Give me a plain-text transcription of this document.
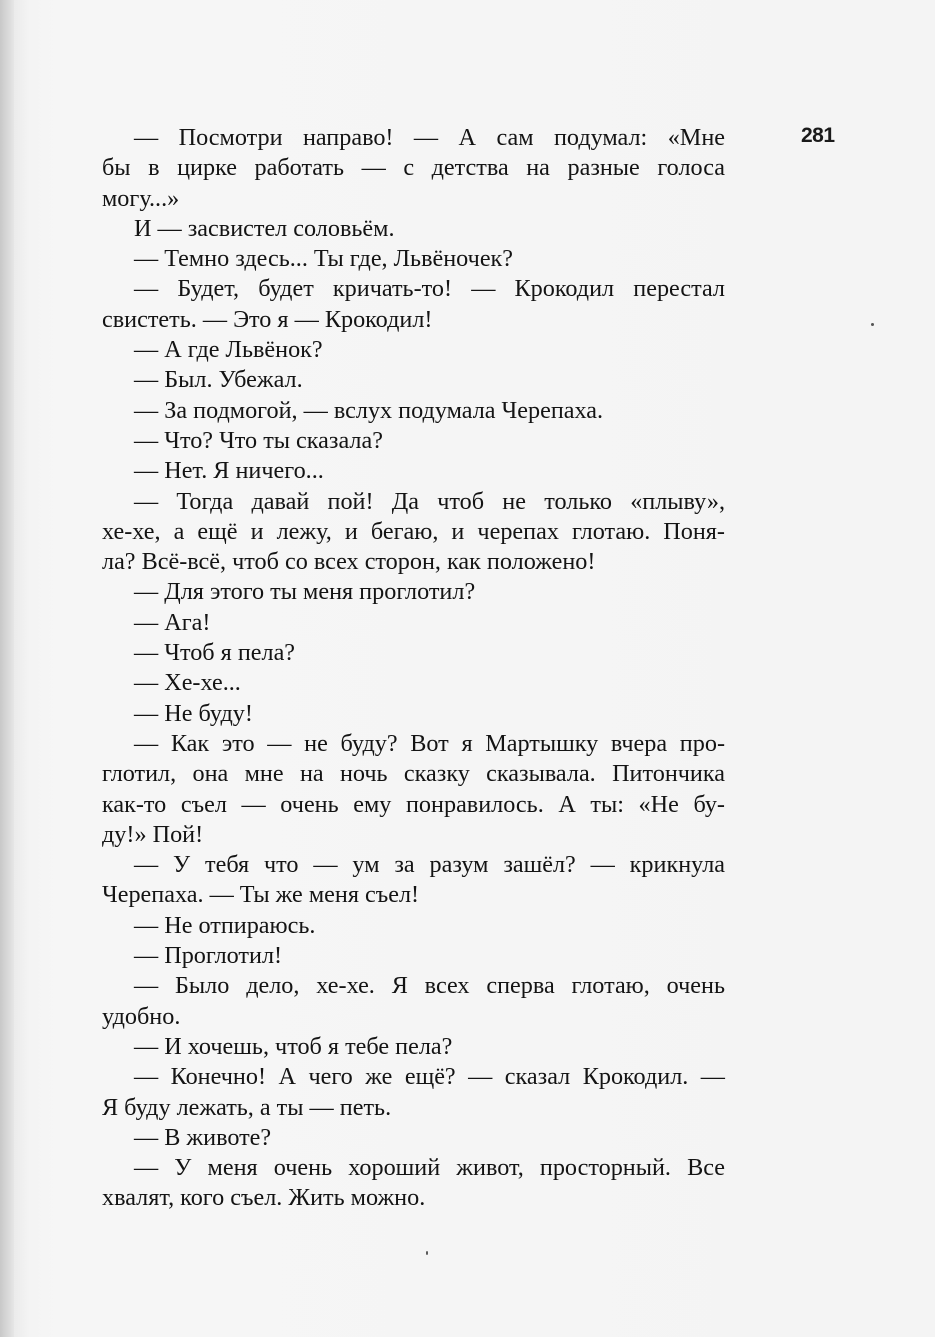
281
— Посмотри направо! — А сам подумал: «Мне
бы в цирке работать — с детства на разные голоса
могу...»
И — засвистел соловьём.
— Темно здесь... Ты где, Львёночек?
— Будет, будет кричать-то! — Крокодил перестал
свистеть. — Это я — Крокодил!
— А где Львёнок?
— Был. Убежал.
— За подмогой, — вслух подумала Черепаха.
— Что? Что ты сказала?
— Нет. Я ничего...
— Тогда давай пой! Да чтоб не только «плыву»,
хе-хе, а ещё и лежу, и бегаю, и черепах глотаю. Поня-
ла? Всё-всё, чтоб со всех сторон, как положено!
— Для этого ты меня проглотил?
— Ага!
— Чтоб я пела?
— Хе-хе...
— Не буду!
— Как это — не буду? Вот я Мартышку вчера про-
глотил, она мне на ночь сказку сказывала. Питончика
как-то съел — очень ему понравилось. А ты: «Не бу-
ду!» Пой!
— У тебя что — ум за разум зашёл? — крикнула
Черепаха. — Ты же меня съел!
— Не отпираюсь.
— Проглотил!
— Было дело, хе-хе. Я всех сперва глотаю, очень
удобно.
— И хочешь, чтоб я тебе пела?
— Конечно! А чего же ещё? — сказал Крокодил. —
Я буду лежать, а ты — петь.
— В животе?
— У меня очень хороший живот, просторный. Все
хвалят, кого съел. Жить можно.
